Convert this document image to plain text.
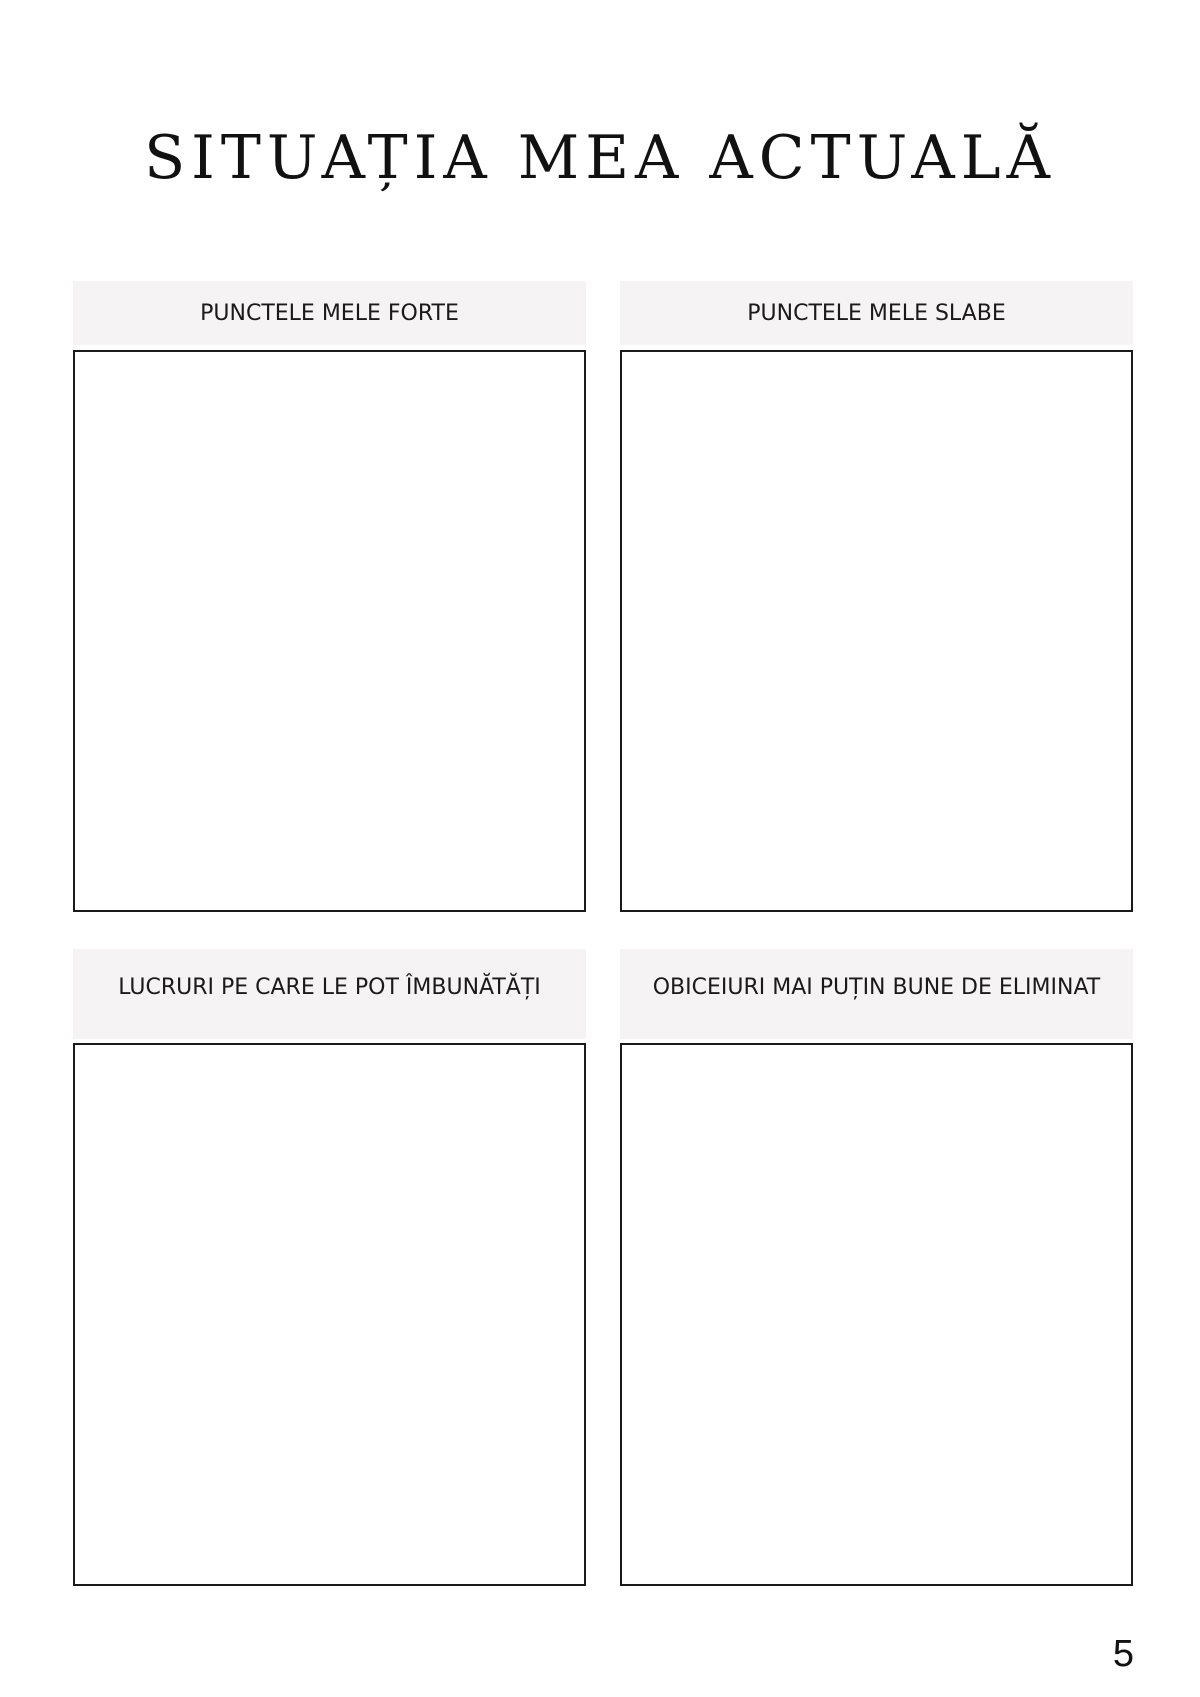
SITUAȚIA MEA ACTUALĂ
PUNCTELE MELE FORTE	PUNCTELE MELE SLABE
LUCRURI PE CARE LE POT ÎMBUNĂTĂȚI	OBICEIURI MAI PUȚIN BUNE DE ELIMINAT
5
